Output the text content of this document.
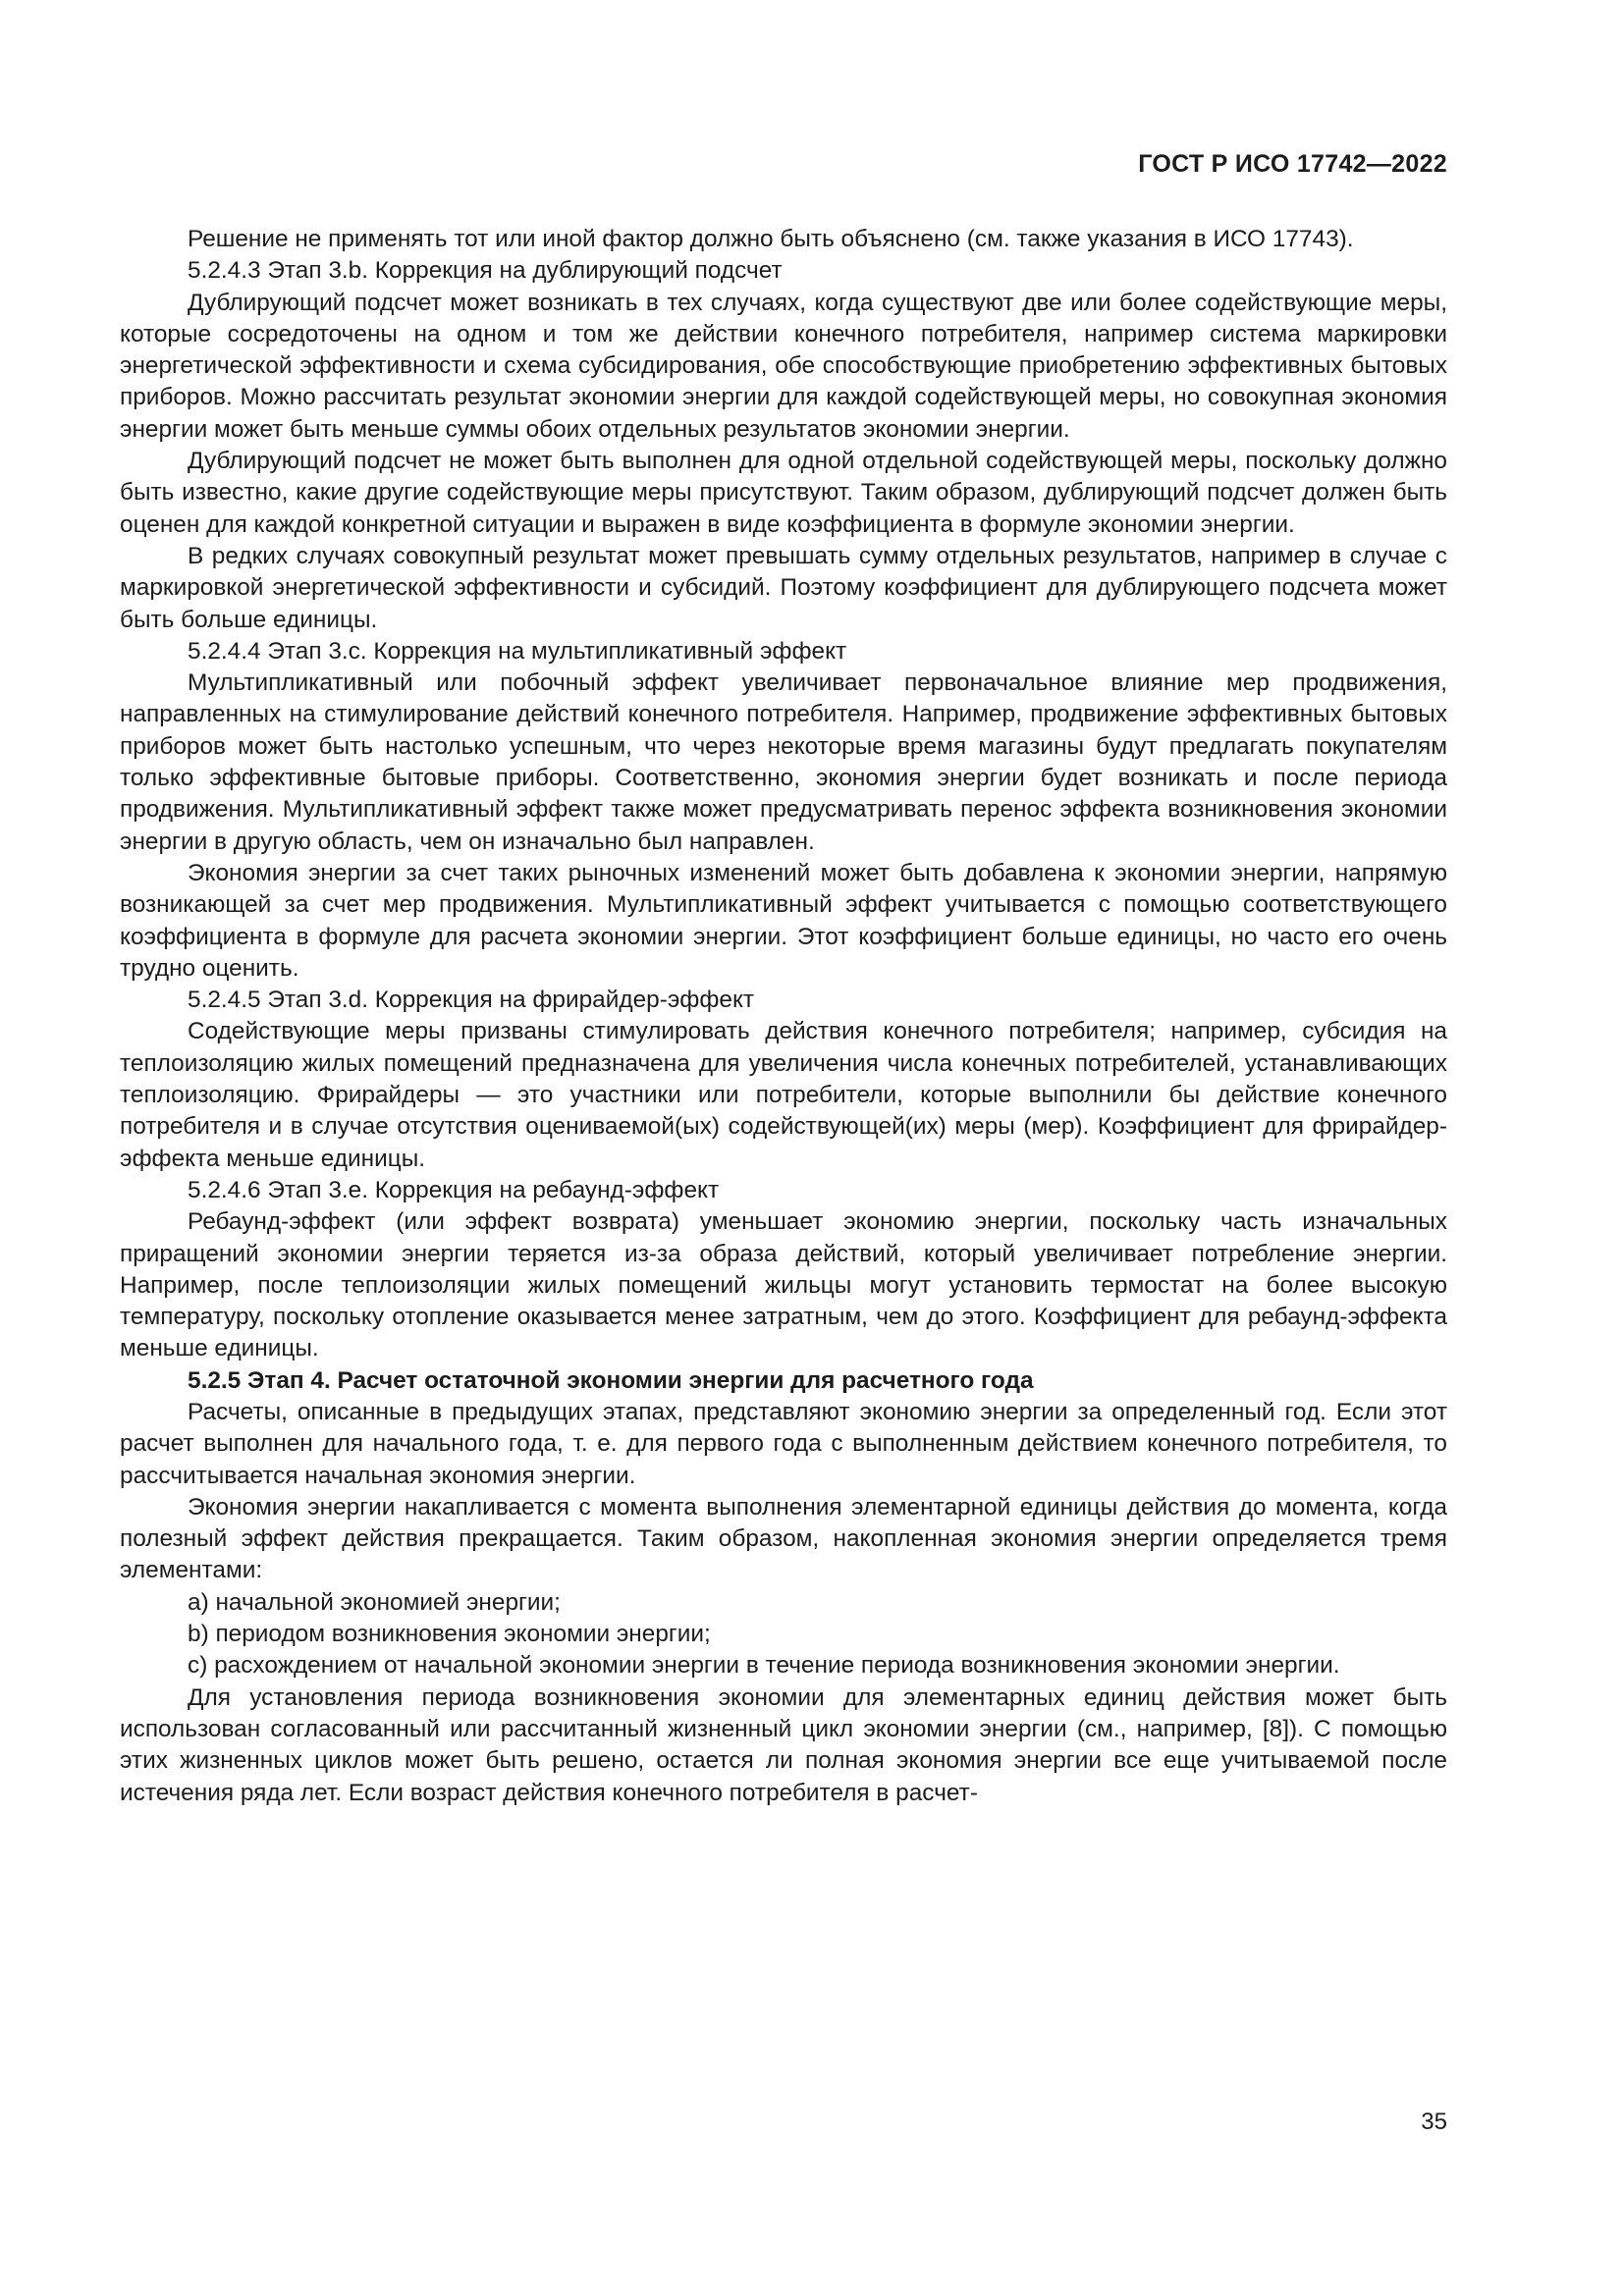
ГОСТ Р ИСО 17742—2022

Решение не применять тот или иной фактор должно быть объяснено (см. также указания в ИСО 17743).

5.2.4.3 Этап 3.b. Коррекция на дублирующий подсчет

Дублирующий подсчет может возникать в тех случаях, когда существуют две или более содействующие меры, которые сосредоточены на одном и том же действии конечного потребителя, например система маркировки энергетической эффективности и схема субсидирования, обе способствующие приобретению эффективных бытовых приборов. Можно рассчитать результат экономии энергии для каждой содействующей меры, но совокупная экономия энергии может быть меньше суммы обоих отдельных результатов экономии энергии.

Дублирующий подсчет не может быть выполнен для одной отдельной содействующей меры, поскольку должно быть известно, какие другие содействующие меры присутствуют. Таким образом, дублирующий подсчет должен быть оценен для каждой конкретной ситуации и выражен в виде коэффициента в формуле экономии энергии.

В редких случаях совокупный результат может превышать сумму отдельных результатов, например в случае с маркировкой энергетической эффективности и субсидий. Поэтому коэффициент для дублирующего подсчета может быть больше единицы.

5.2.4.4 Этап 3.c. Коррекция на мультипликативный эффект

Мультипликативный или побочный эффект увеличивает первоначальное влияние мер продвижения, направленных на стимулирование действий конечного потребителя. Например, продвижение эффективных бытовых приборов может быть настолько успешным, что через некоторые время магазины будут предлагать покупателям только эффективные бытовые приборы. Соответственно, экономия энергии будет возникать и после периода продвижения. Мультипликативный эффект также может предусматривать перенос эффекта возникновения экономии энергии в другую область, чем он изначально был направлен.

Экономия энергии за счет таких рыночных изменений может быть добавлена к экономии энергии, напрямую возникающей за счет мер продвижения. Мультипликативный эффект учитывается с помощью соответствующего коэффициента в формуле для расчета экономии энергии. Этот коэффициент больше единицы, но часто его очень трудно оценить.

5.2.4.5 Этап 3.d. Коррекция на фрирайдер-эффект

Содействующие меры призваны стимулировать действия конечного потребителя; например, субсидия на теплоизоляцию жилых помещений предназначена для увеличения числа конечных потребителей, устанавливающих теплоизоляцию. Фрирайдеры — это участники или потребители, которые выполнили бы действие конечного потребителя и в случае отсутствия оцениваемой(ых) содействующей(их) меры (мер). Коэффициент для фрирайдер-эффекта меньше единицы.

5.2.4.6 Этап 3.e. Коррекция на ребаунд-эффект

Ребаунд-эффект (или эффект возврата) уменьшает экономию энергии, поскольку часть изначальных приращений экономии энергии теряется из-за образа действий, который увеличивает потребление энергии. Например, после теплоизоляции жилых помещений жильцы могут установить термостат на более высокую температуру, поскольку отопление оказывается менее затратным, чем до этого. Коэффициент для ребаунд-эффекта меньше единицы.

5.2.5 Этап 4. Расчет остаточной экономии энергии для расчетного года

Расчеты, описанные в предыдущих этапах, представляют экономию энергии за определенный год. Если этот расчет выполнен для начального года, т. е. для первого года с выполненным действием конечного потребителя, то рассчитывается начальная экономия энергии.

Экономия энергии накапливается с момента выполнения элементарной единицы действия до момента, когда полезный эффект действия прекращается. Таким образом, накопленная экономия энергии определяется тремя элементами:

a) начальной экономией энергии;

b) периодом возникновения экономии энергии;

c) расхождением от начальной экономии энергии в течение периода возникновения экономии энергии.

Для установления периода возникновения экономии для элементарных единиц действия может быть использован согласованный или рассчитанный жизненный цикл экономии энергии (см., например, [8]). С помощью этих жизненных циклов может быть решено, остается ли полная экономия энергии все еще учитываемой после истечения ряда лет. Если возраст действия конечного потребителя в расчет-

35
